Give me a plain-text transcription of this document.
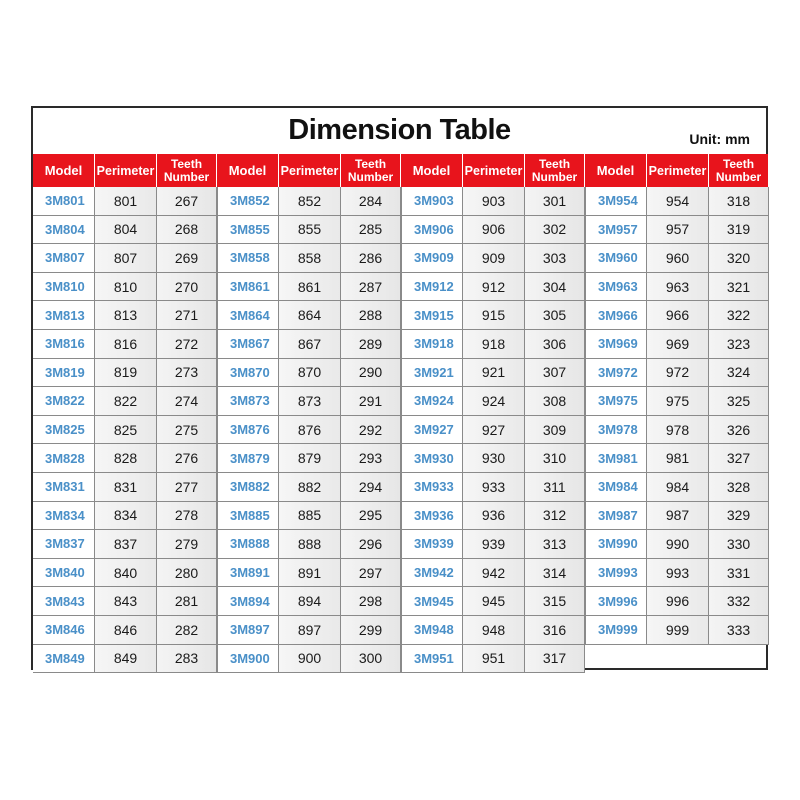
Dimension Table	Unit: mm
Model	Perimeter	Teeth Number
3M801	801	267
3M804	804	268
3M807	807	269
3M810	810	270
3M813	813	271
3M816	816	272
3M819	819	273
3M822	822	274
3M825	825	275
3M828	828	276
3M831	831	277
3M834	834	278
3M837	837	279
3M840	840	280
3M843	843	281
3M846	846	282
3M849	849	283
Model	Perimeter	Teeth Number
3M852	852	284
3M855	855	285
3M858	858	286
3M861	861	287
3M864	864	288
3M867	867	289
3M870	870	290
3M873	873	291
3M876	876	292
3M879	879	293
3M882	882	294
3M885	885	295
3M888	888	296
3M891	891	297
3M894	894	298
3M897	897	299
3M900	900	300
Model	Perimeter	Teeth Number
3M903	903	301
3M906	906	302
3M909	909	303
3M912	912	304
3M915	915	305
3M918	918	306
3M921	921	307
3M924	924	308
3M927	927	309
3M930	930	310
3M933	933	311
3M936	936	312
3M939	939	313
3M942	942	314
3M945	945	315
3M948	948	316
3M951	951	317
Model	Perimeter	Teeth Number
3M954	954	318
3M957	957	319
3M960	960	320
3M963	963	321
3M966	966	322
3M969	969	323
3M972	972	324
3M975	975	325
3M978	978	326
3M981	981	327
3M984	984	328
3M987	987	329
3M990	990	330
3M993	993	331
3M996	996	332
3M999	999	333
